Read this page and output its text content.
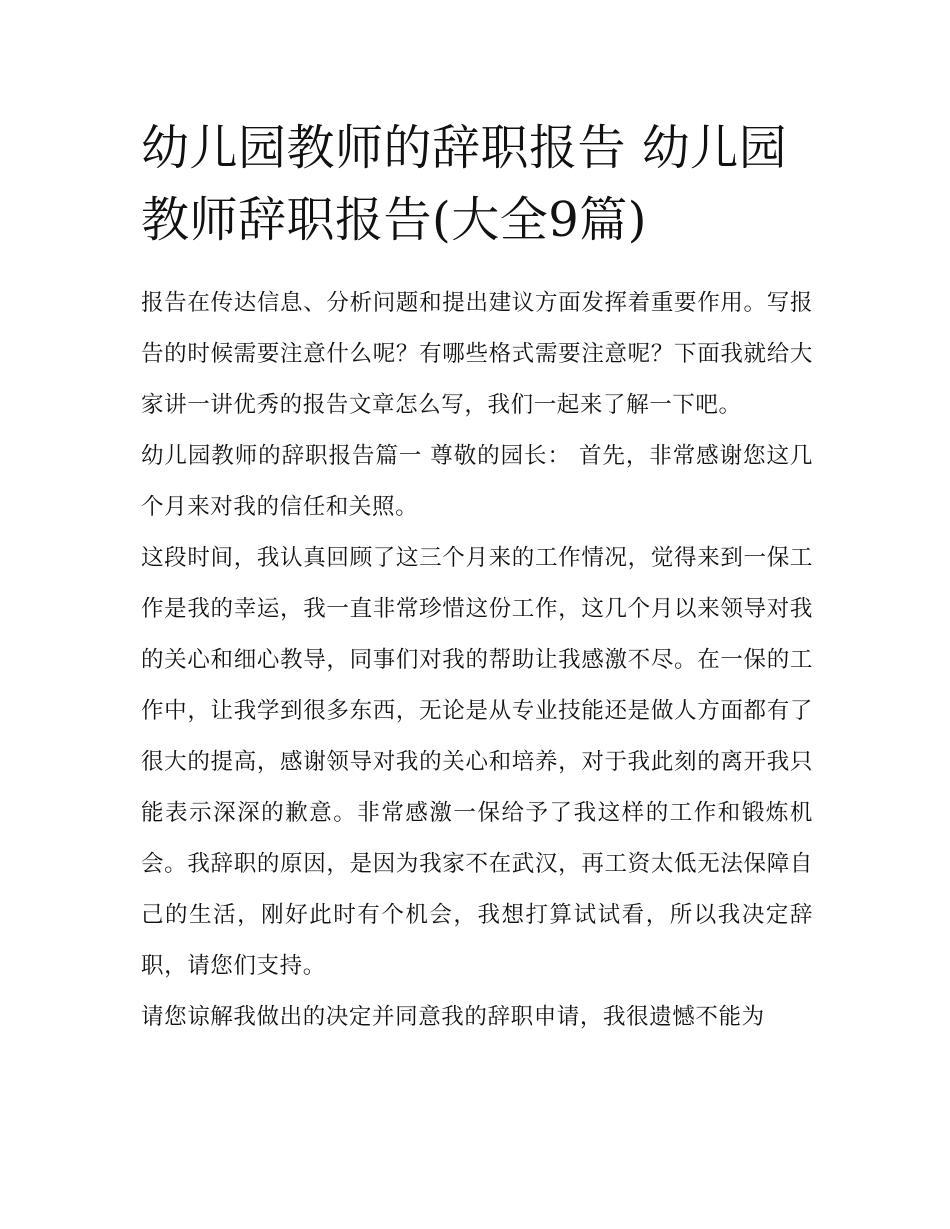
幼儿园教师的辞职报告 幼儿园教师辞职报告(大全9篇)

报告在传达信息、分析问题和提出建议方面发挥着重要作用。写报告的时候需要注意什么呢？有哪些格式需要注意呢？下面我就给大家讲一讲优秀的报告文章怎么写，我们一起来了解一下吧。

幼儿园教师的辞职报告篇一 尊敬的园长： 首先，非常感谢您这几个月来对我的信任和关照。

这段时间，我认真回顾了这三个月来的工作情况，觉得来到一保工作是我的幸运，我一直非常珍惜这份工作，这几个月以来领导对我的关心和细心教导，同事们对我的帮助让我感激不尽。在一保的工作中，让我学到很多东西，无论是从专业技能还是做人方面都有了很大的提高，感谢领导对我的关心和培养，对于我此刻的离开我只能表示深深的歉意。非常感激一保给予了我这样的工作和锻炼机会。我辞职的原因，是因为我家不在武汉，再工资太低无法保障自己的生活，刚好此时有个机会，我想打算试试看，所以我决定辞职，请您们支持。

请您谅解我做出的决定并同意我的辞职申请，我很遗憾不能为
